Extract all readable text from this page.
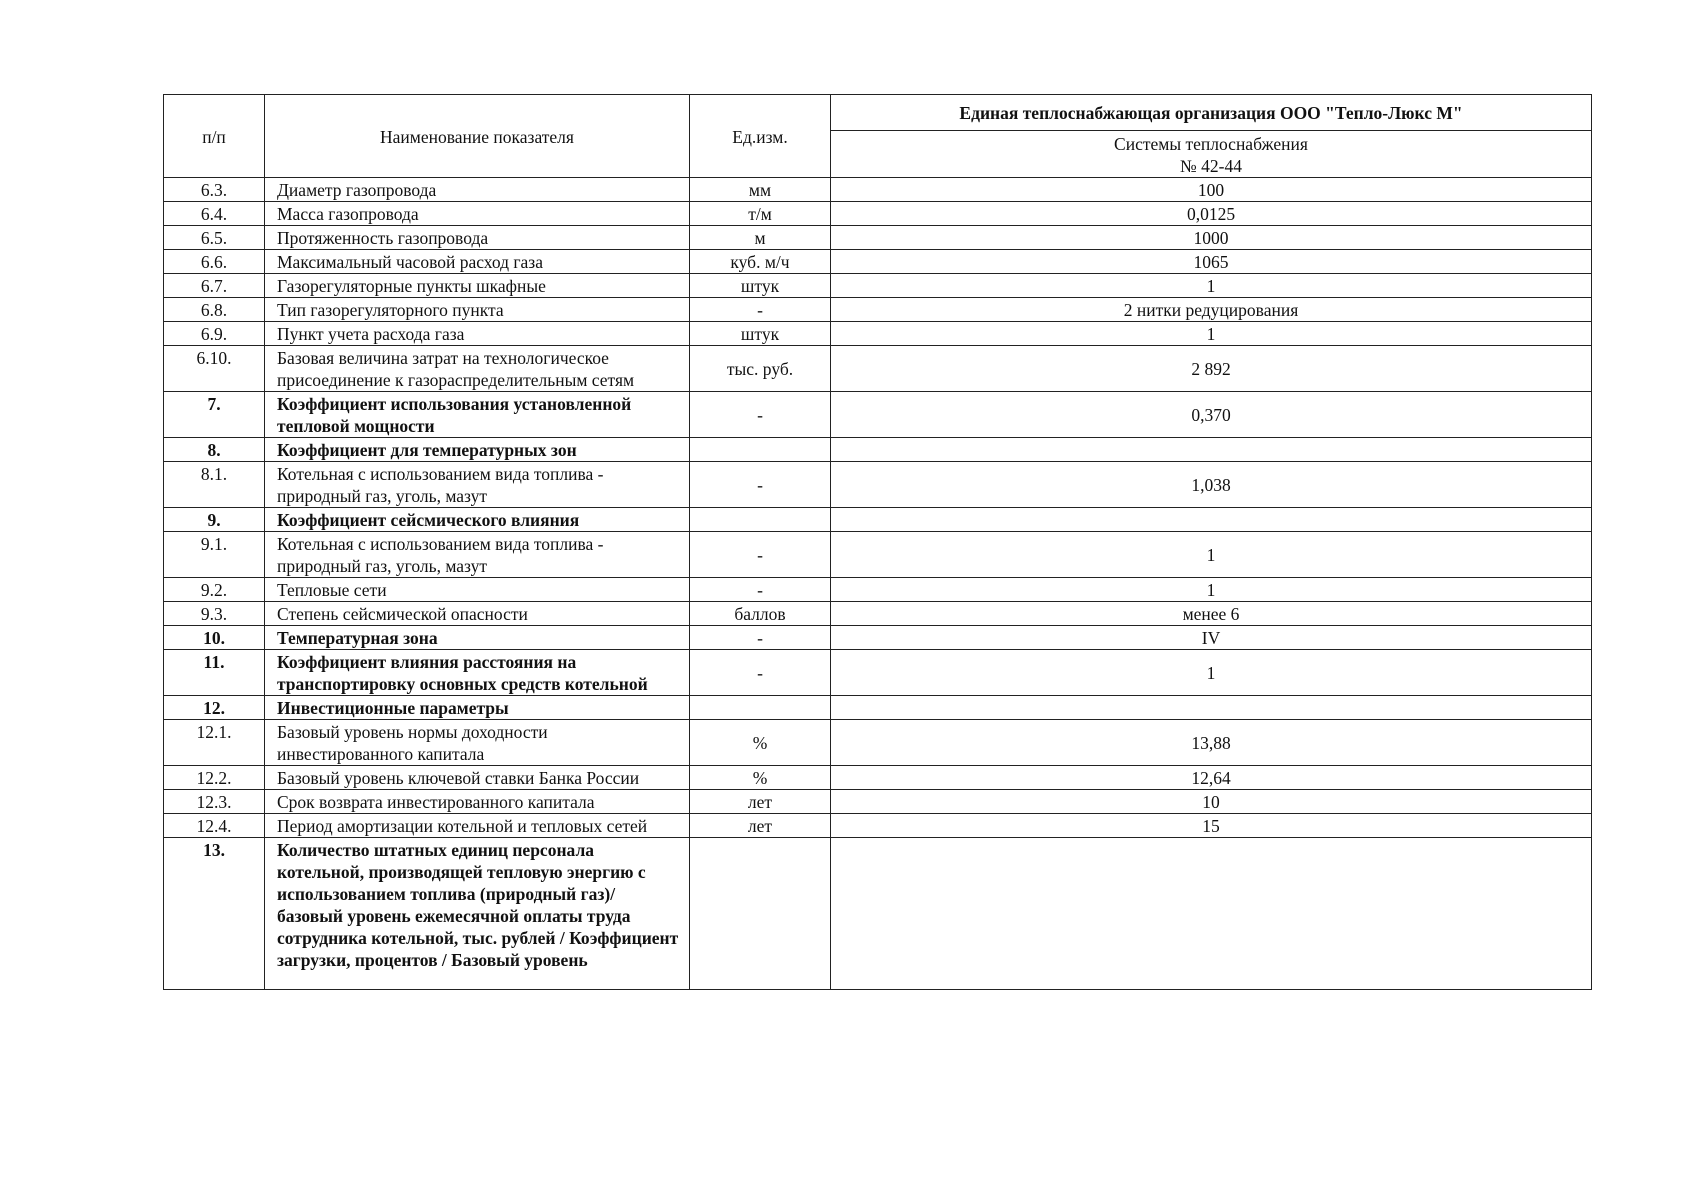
п/п	Наименование показателя	Ед.изм.	Единая теплоснабжающая организация ООО "Тепло-Люкс М"

			Системы теплоснабжения
№ 42-44

6.3.	Диаметр газопровода	мм	100
6.4.	Масса газопровода	т/м	0,0125
6.5.	Протяженность газопровода	м	1000
6.6.	Максимальный часовой расход газа	куб. м/ч	1065
6.7.	Газорегуляторные пункты шкафные	штук	1
6.8.	Тип газорегуляторного пункта	-	2 нитки редуцирования
6.9.	Пункт учета расхода газа	штук	1
6.10.	Базовая величина затрат на технологическое присоединение к газораспределительным сетям	тыс. руб.	2 892
7.	Коэффициент использования установленной тепловой мощности	-	0,370
8.	Коэффициент для температурных зон		
8.1.	Котельная с использованием вида топлива - природный газ, уголь, мазут	-	1,038
9.	Коэффициент сейсмического влияния		
9.1.	Котельная с использованием вида топлива - природный газ, уголь, мазут	-	1
9.2.	Тепловые сети	-	1
9.3.	Степень сейсмической опасности	баллов	менее 6
10.	Температурная зона	-	IV
11.	Коэффициент влияния расстояния на транспортировку основных средств котельной	-	1
12.	Инвестиционные параметры		
12.1.	Базовый уровень нормы доходности инвестированного капитала	%	13,88
12.2.	Базовый уровень ключевой ставки Банка России	%	12,64
12.3.	Срок возврата инвестированного капитала	лет	10
12.4.	Период амортизации котельной и тепловых сетей	лет	15
13.	Количество штатных единиц персонала котельной, производящей тепловую энергию с использованием топлива (природный газ)/ базовый уровень ежемесячной оплаты труда сотрудника котельной, тыс. рублей / Коэффициент загрузки, процентов / Базовый уровень		
